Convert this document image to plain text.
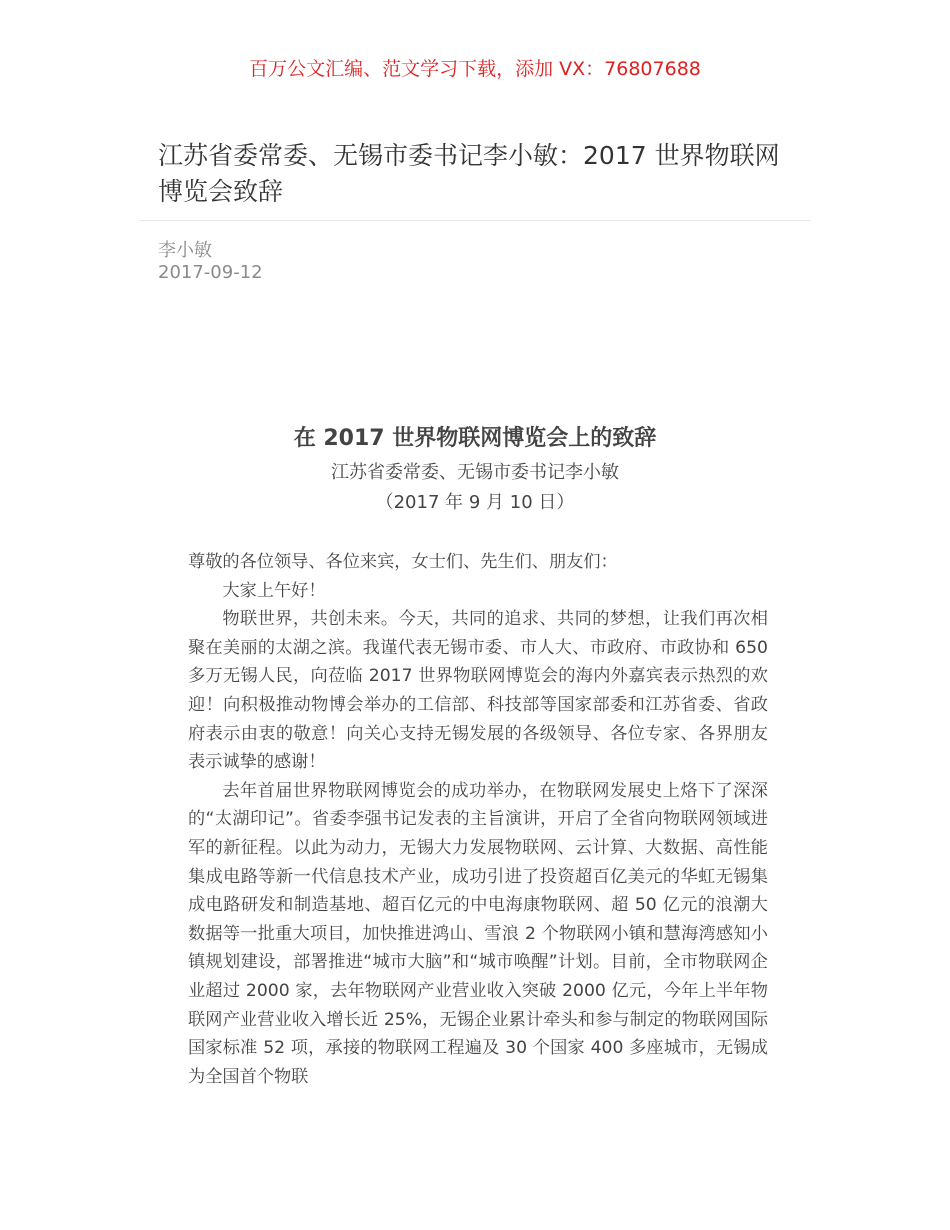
百万公文汇编、范文学习下载，添加 VX：76807688
江苏省委常委、无锡市委书记李小敏：2017 世界物联网博览会致辞
李小敏
2017-09-12
在 2017 世界物联网博览会上的致辞
江苏省委常委、无锡市委书记李小敏
（2017 年 9 月 10 日）

尊敬的各位领导、各位来宾，女士们、先生们、朋友们：

大家上午好！

物联世界，共创未来。今天，共同的追求、共同的梦想，让我们再次相聚在美丽的太湖之滨。我谨代表无锡市委、市人大、市政府、市政协和 650 多万无锡人民，向莅临 2017 世界物联网博览会的海内外嘉宾表示热烈的欢迎！向积极推动物博会举办的工信部、科技部等国家部委和江苏省委、省政府表示由衷的敬意！向关心支持无锡发展的各级领导、各位专家、各界朋友表示诚挚的感谢！

去年首届世界物联网博览会的成功举办，在物联网发展史上烙下了深深的“太湖印记”。省委李强书记发表的主旨演讲，开启了全省向物联网领域进军的新征程。以此为动力，无锡大力发展物联网、云计算、大数据、高性能集成电路等新一代信息技术产业，成功引进了投资超百亿美元的华虹无锡集成电路研发和制造基地、超百亿元的中电海康物联网、超 50 亿元的浪潮大数据等一批重大项目，加快推进鸿山、雪浪 2 个物联网小镇和慧海湾感知小镇规划建设，部署推进“城市大脑”和“城市唤醒”计划。目前，全市物联网企业超过 2000 家，去年物联网产业营业收入突破 2000 亿元，今年上半年物联网产业营业收入增长近 25%，无锡企业累计牵头和参与制定的物联网国际国家标准 52 项，承接的物联网工程遍及 30 个国家 400 多座城市，无锡成为全国首个物联
